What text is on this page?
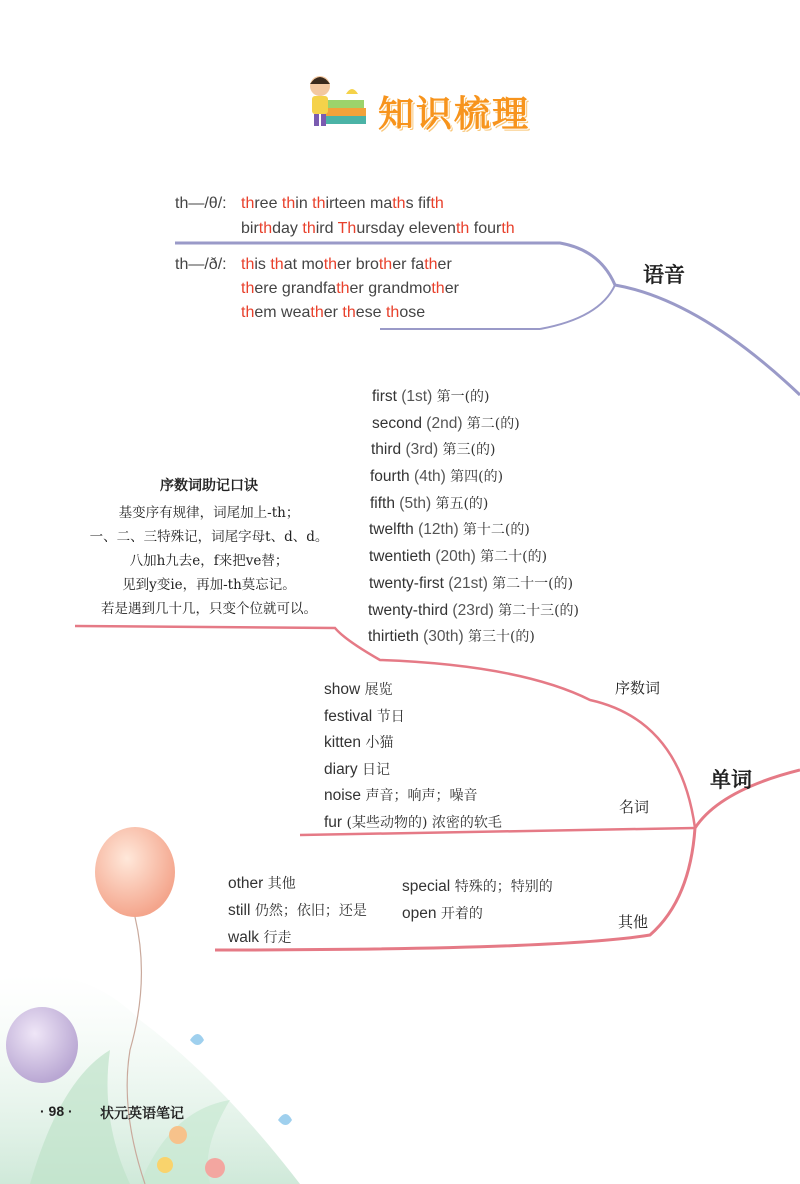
知识梳理
th—/θ/: three thin thirteen maths fifth
birthday third Thursday eleventh fourth
th—/ð/: this that mother brother father
there grandfather grandmother
them weather these those
语音
first (1st) 第一(的)
second (2nd) 第二(的)
third (3rd) 第三(的)
fourth (4th) 第四(的)
fifth (5th) 第五(的)
twelfth (12th) 第十二(的)
twentieth (20th) 第二十(的)
twenty-first (21st) 第二十一(的)
twenty-third (23rd) 第二十三(的)
thirtieth (30th) 第三十(的)
序数词助记口诀
基变序有规律，词尾加上-th；
一、二、三特殊记，词尾字母t、d、d。
八加h九去e，f来把ve替；
见到y变ie，再加-th莫忘记。
若是遇到几十几，只变个位就可以。
序数词
show 展览
festival 节日
kitten 小猫
diary 日记
noise 声音；响声；噪音
fur (某些动物的) 浓密的软毛
名词
单词
other 其他
still 仍然；依旧；还是
walk 行走
special 特殊的；特别的
open 开着的	其他
· 98 · 状元英语笔记
